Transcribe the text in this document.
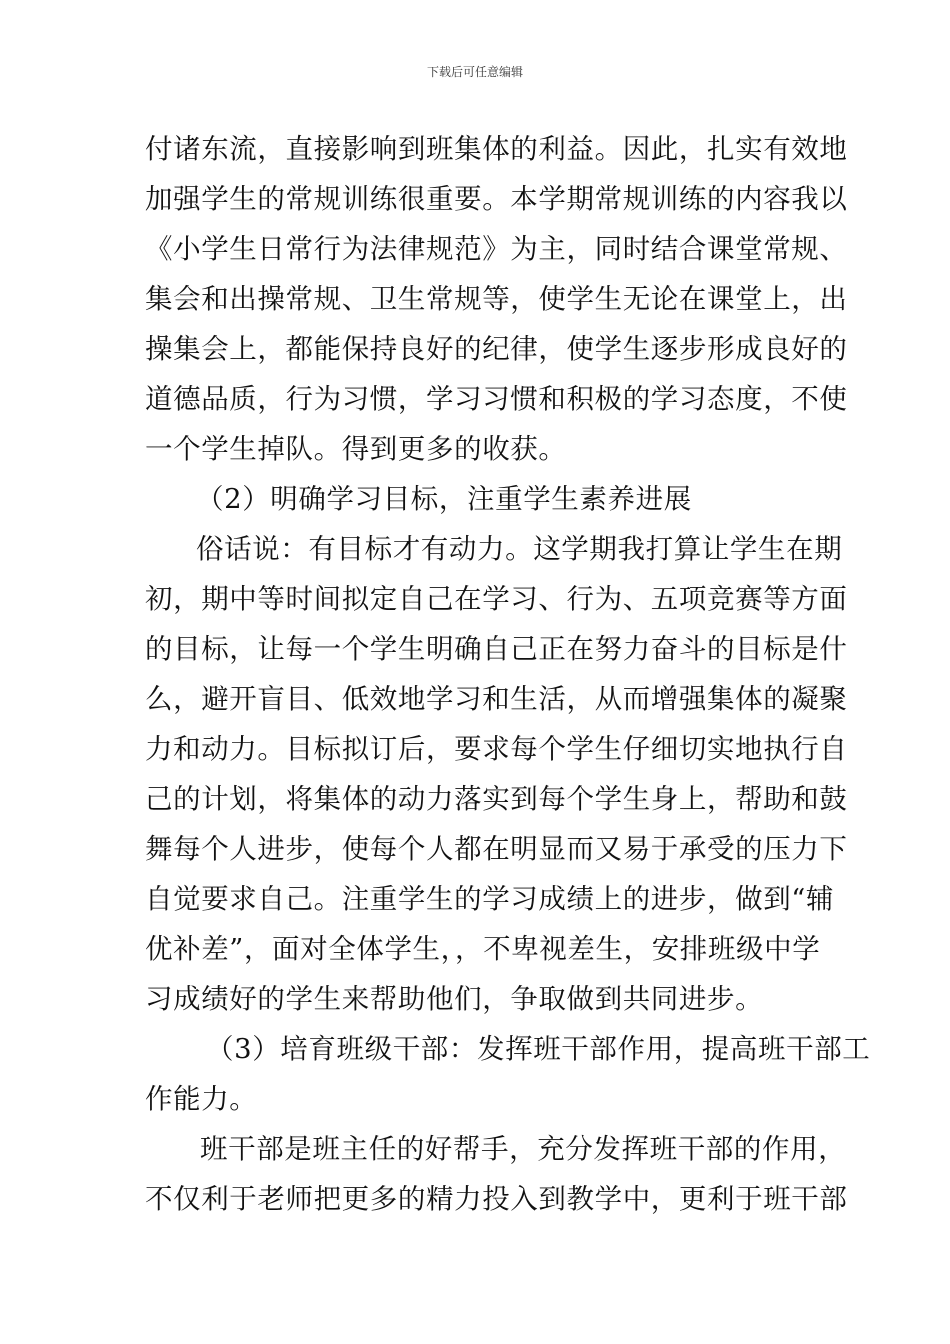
下载后可任意编辑
付诸东流，直接影响到班集体的利益。因此，扎实有效地
加强学生的常规训练很重要。本学期常规训练的内容我以
《小学生日常行为法律规范》为主，同时结合课堂常规、
集会和出操常规、卫生常规等，使学生无论在课堂上，出
操集会上，都能保持良好的纪律，使学生逐步形成良好的
道德品质，行为习惯，学习习惯和积极的学习态度，不使
一个学生掉队。得到更多的收获。
（2）明确学习目标，注重学生素养进展
俗话说：有目标才有动力。这学期我打算让学生在期
初，期中等时间拟定自己在学习、行为、五项竞赛等方面
的目标，让每一个学生明确自己正在努力奋斗的目标是什
么，避开盲目、低效地学习和生活，从而增强集体的凝聚
力和动力。目标拟订后，要求每个学生仔细切实地执行自
己的计划，将集体的动力落实到每个学生身上，帮助和鼓
舞每个人进步，使每个人都在明显而又易于承受的压力下
自觉要求自己。注重学生的学习成绩上的进步，做到“辅
优补差”，面对全体学生，，不卑视差生，安排班级中学
习成绩好的学生来帮助他们，争取做到共同进步。
（3）培育班级干部：发挥班干部作用，提高班干部工
作能力。
班干部是班主任的好帮手，充分发挥班干部的作用，
不仅利于老师把更多的精力投入到教学中，更利于班干部
